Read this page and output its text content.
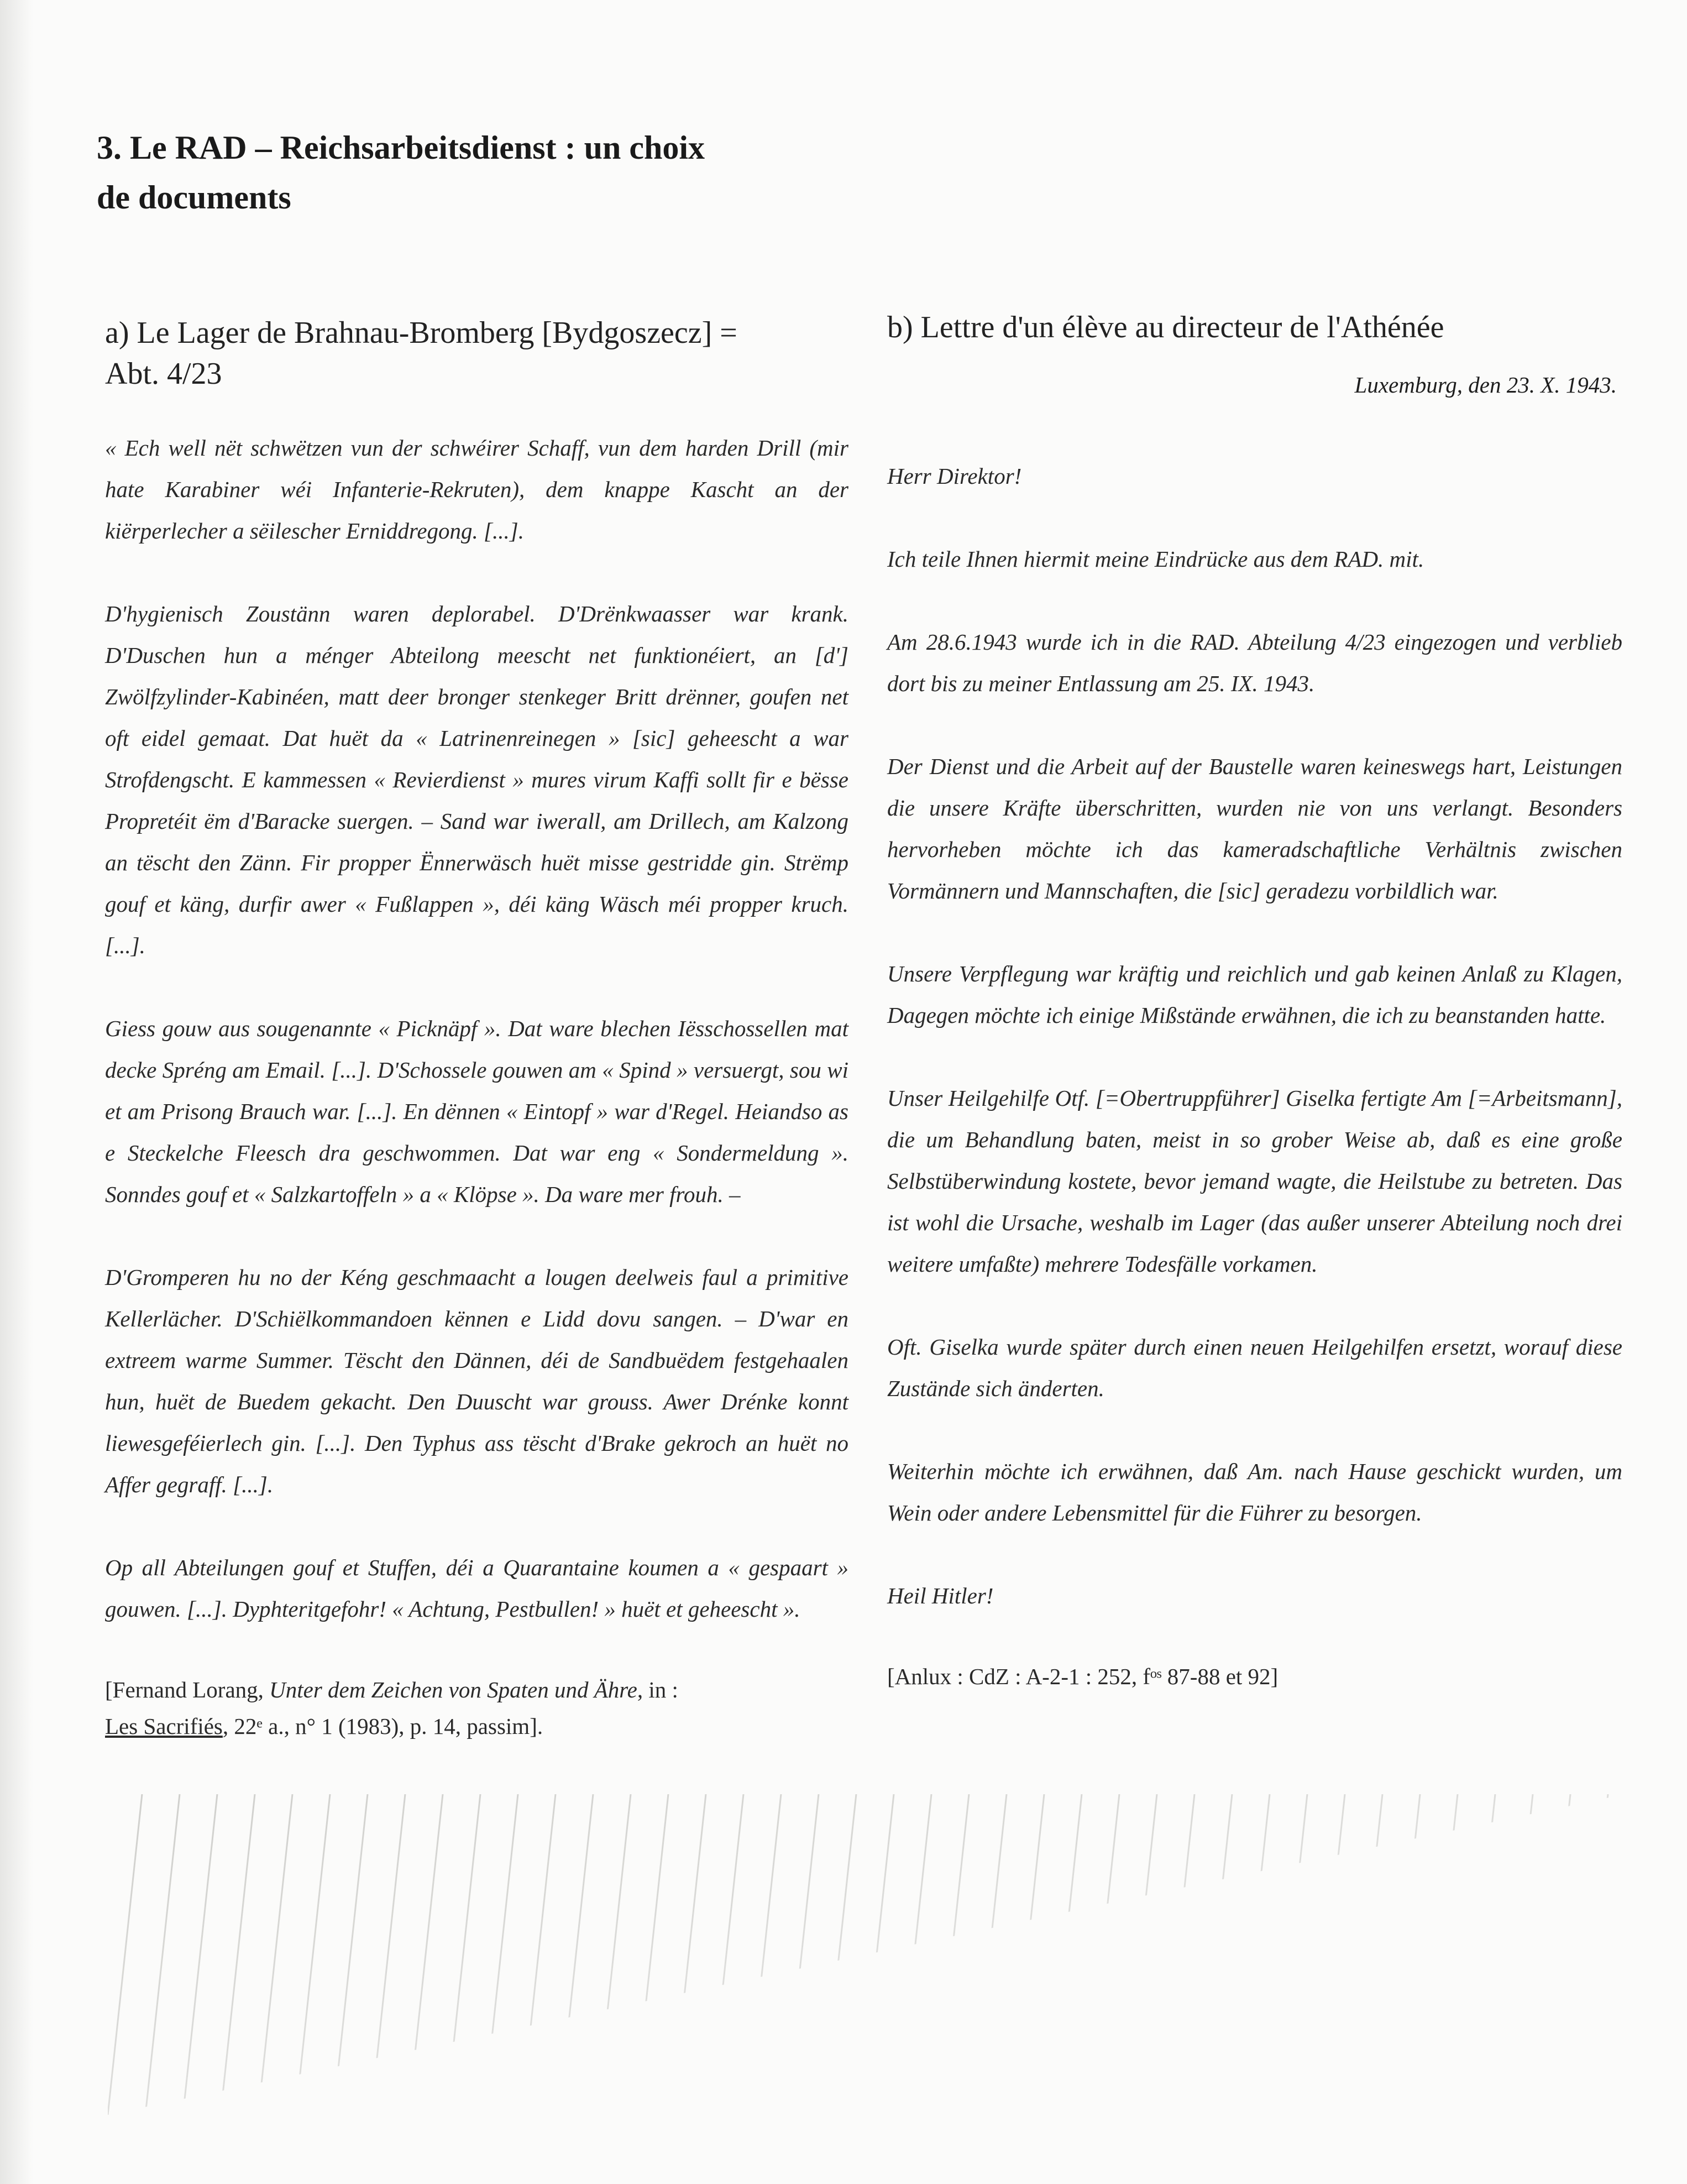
3. Le RAD – Reichsarbeitsdienst : un choix
de documents
a) Le Lager de Brahnau-Bromberg [Bydgoszecz] =
Abt. 4/23

« Ech well nët schwëtzen vun der schwéirer Schaff, vun dem harden Drill (mir hate Karabiner wéi Infanterie-Rekruten), dem knappe Kascht an der kiërperlecher a sëilescher Erniddregong. [...].

D'hygienisch Zoustänn waren deplorabel. D'Drënkwaasser war krank. D'Duschen hun a ménger Abteilong meescht net funktionéiert, an [d'] Zwölfzylinder-Kabinéen, matt deer bronger stenkeger Britt drënner, goufen net oft eidel gemaat. Dat huët da « Latrinenreinegen » [sic] geheescht a war Strofdengscht. E kammessen « Revierdienst » mures virum Kaffi sollt fir e bësse Propretéit ëm d'Baracke suergen. – Sand war iwerall, am Drillech, am Kalzong an tëscht den Zänn. Fir propper Ënnerwäsch huët misse gestridde gin. Strëmp gouf et käng, durfir awer « Fußlappen », déi käng Wäsch méi propper kruch. [...].

Giess gouw aus sougenannte « Picknäpf ». Dat ware blechen Iësschossellen mat decke Spréng am Email. [...]. D'Schossele gouwen am « Spind » versuergt, sou wi et am Prisong Brauch war. [...]. En dënnen « Eintopf » war d'Regel. Heiandso as e Steckelche Fleesch dra geschwommen. Dat war eng « Sondermeldung ». Sonndes gouf et « Salzkartoffeln » a « Klöpse ». Da ware mer frouh. –

D'Gromperen hu no der Kéng geschmaacht a lougen deelweis faul a primitive Kellerlächer. D'Schiëlkommandoen kënnen e Lidd dovu sangen. – D'war en extreem warme Summer. Tëscht den Dännen, déi de Sandbuëdem festgehaalen hun, huët de Buedem gekacht. Den Duuscht war grouss. Awer Drénke konnt liewesgeféierlech gin. [...]. Den Typhus ass tëscht d'Brake gekroch an huët no Affer gegraff. [...].

Op all Abteilungen gouf et Stuffen, déi a Quarantaine koumen a « gespaart » gouwen. [...]. Dyphteritgefohr! « Achtung, Pestbullen! » huët et geheescht ».

[Fernand Lorang, Unter dem Zeichen von Spaten und Ähre, in :
Les Sacrifiés, 22ᵉ a., n° 1 (1983), p. 14, passim].

b) Lettre d'un élève au directeur de l'Athénée

Luxemburg, den 23. X. 1943.

Herr Direktor!

Ich teile Ihnen hiermit meine Eindrücke aus dem RAD. mit.

Am 28.6.1943 wurde ich in die RAD. Abteilung 4/23 eingezogen und verblieb dort bis zu meiner Entlassung am 25. IX. 1943.

Der Dienst und die Arbeit auf der Baustelle waren keineswegs hart, Leistungen die unsere Kräfte überschritten, wurden nie von uns verlangt. Besonders hervorheben möchte ich das kameradschaftliche Verhältnis zwischen Vormännern und Mannschaften, die [sic] geradezu vorbildlich war.

Unsere Verpflegung war kräftig und reichlich und gab keinen Anlaß zu Klagen, Dagegen möchte ich einige Mißstände erwähnen, die ich zu beanstanden hatte.

Unser Heilgehilfe Otf. [=Obertruppführer] Giselka fertigte Am [=Arbeitsmann], die um Behandlung baten, meist in so grober Weise ab, daß es eine große Selbstüberwindung kostete, bevor jemand wagte, die Heilstube zu betreten. Das ist wohl die Ursache, weshalb im Lager (das außer unserer Abteilung noch drei weitere umfaßte) mehrere Todesfälle vorkamen.

Oft. Giselka wurde später durch einen neuen Heilgehilfen ersetzt, worauf diese Zustände sich änderten.

Weiterhin möchte ich erwähnen, daß Am. nach Hause geschickt wurden, um Wein oder andere Lebensmittel für die Führer zu besorgen.

Heil Hitler!

[Anlux : CdZ : A-2-1 : 252, fᵒˢ 87-88 et 92]
